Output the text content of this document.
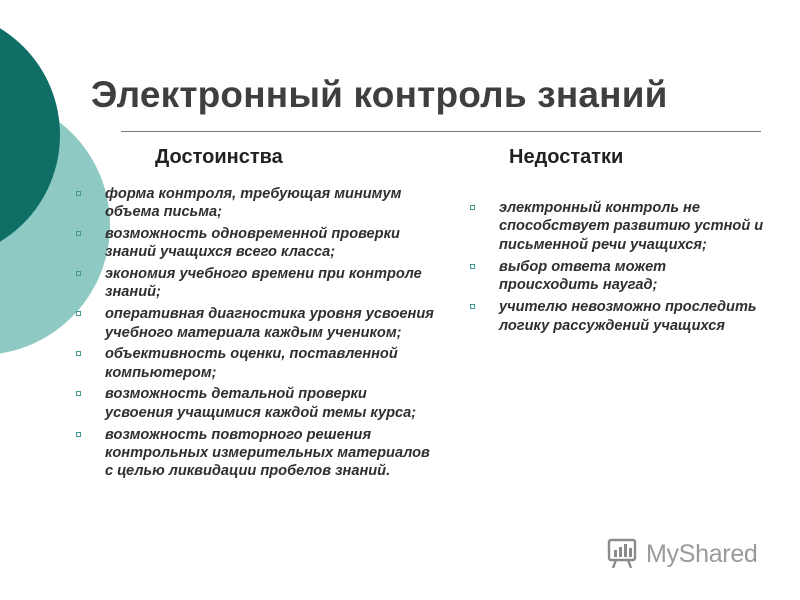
Электронный контроль знаний
Достоинства	Недостатки
форма контроля, требующая минимум объема письма;
возможность одновременной проверки знаний учащихся всего класса;
экономия учебного времени при контроле знаний;
оперативная диагностика уровня усвоения учебного материала каждым учеником;
объективность оценки, поставленной компьютером;
возможность детальной проверки усвоения учащимися каждой темы курса;
возможность повторного решения контрольных измерительных материалов с целью ликвидации пробелов знаний.
электронный контроль не способствует развитию устной и письменной речи учащихся;
выбор ответа может происходить наугад;
учителю невозможно проследить логику рассуждений учащихся
MyShared
